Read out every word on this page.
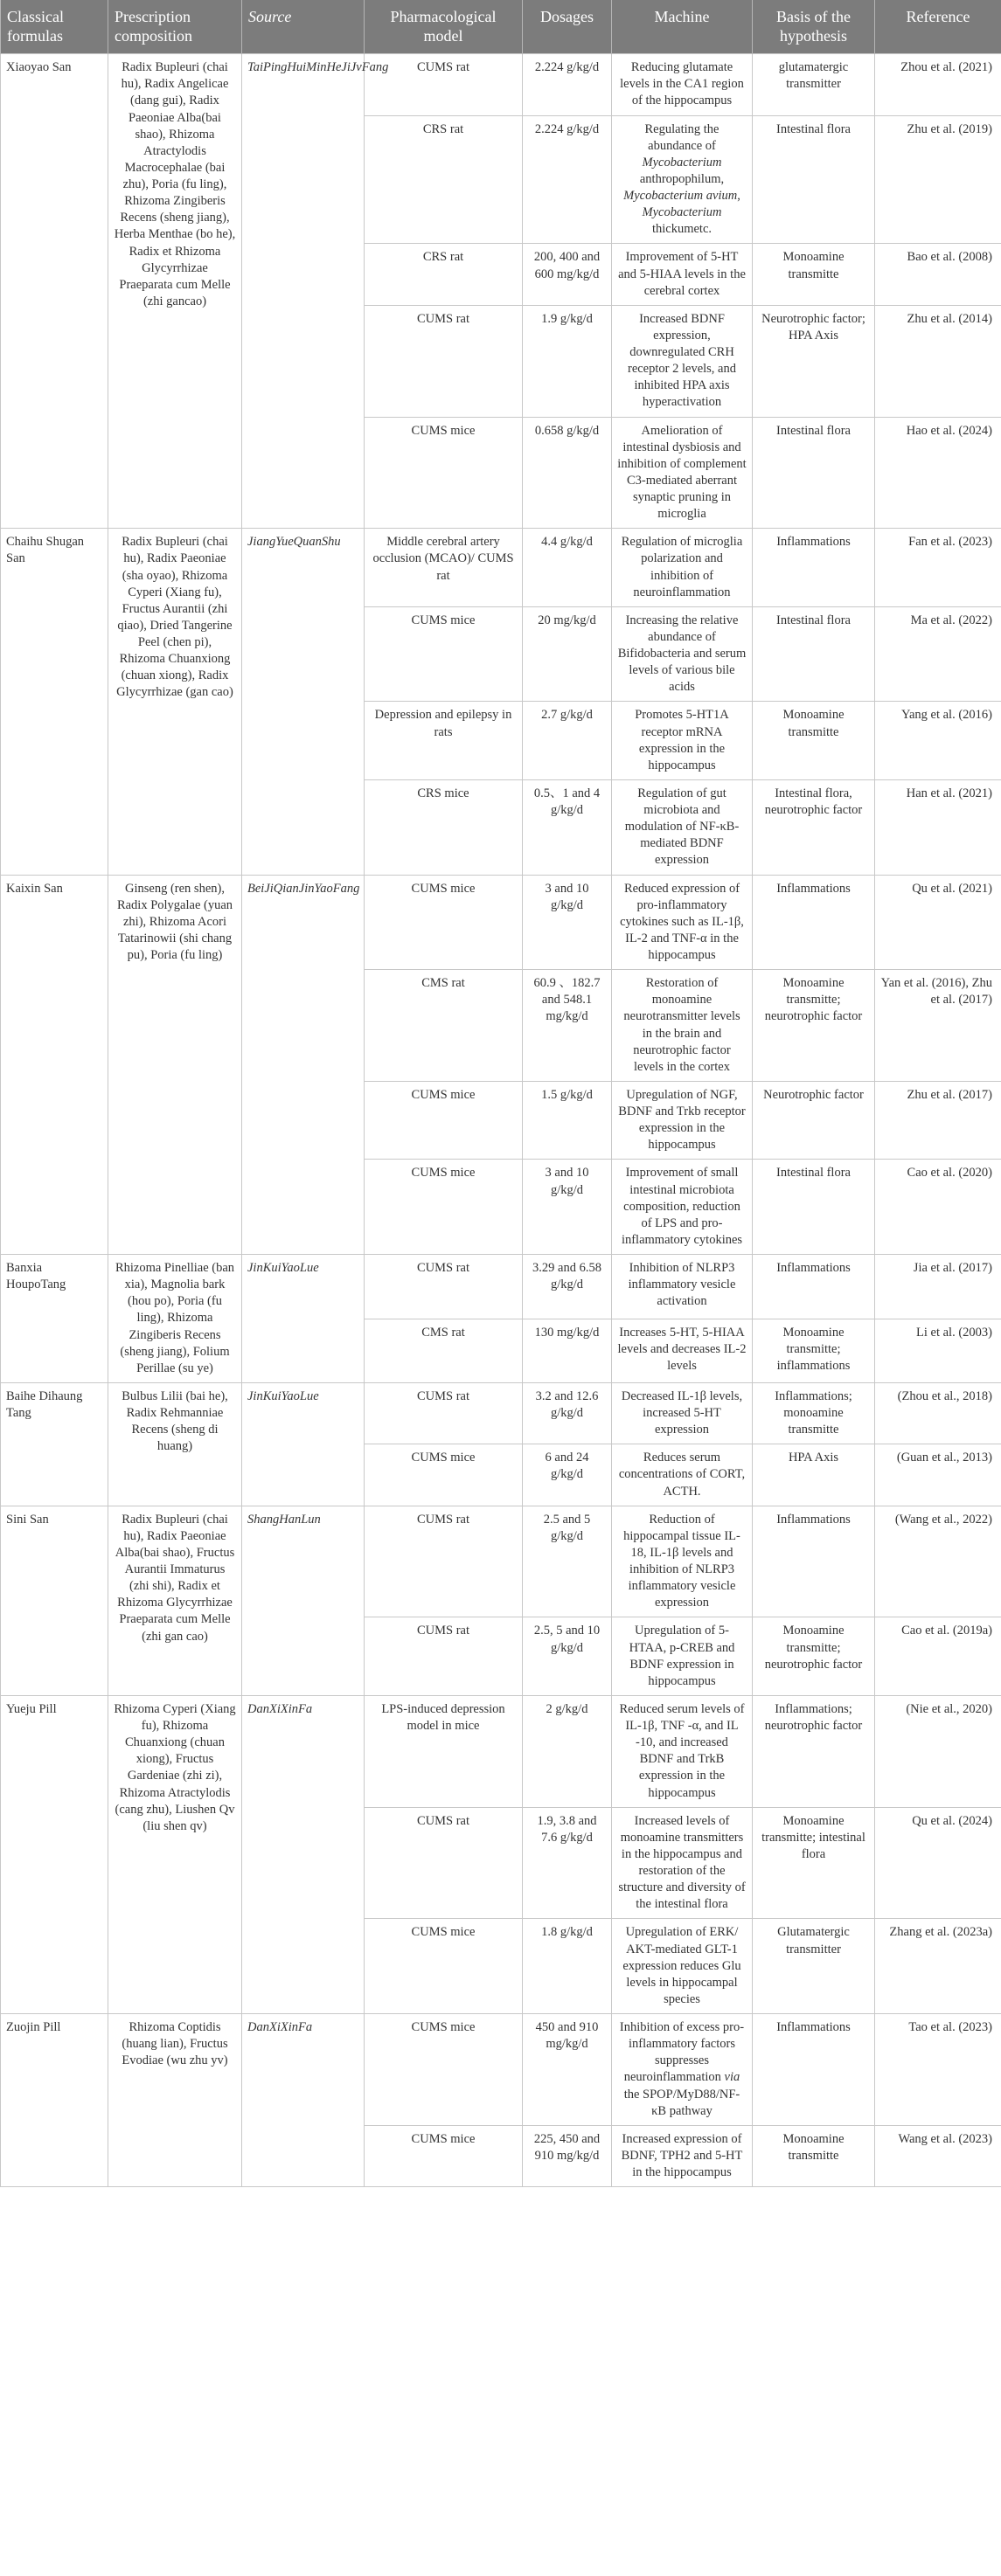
Classical formulas	Prescription composition	Source	Pharmacological model	Dosages	Machine	Basis of the hypothesis	Reference
Xiaoyao San	Radix Bupleuri (chai hu), Radix Angelicae (dang gui), Radix Paeoniae Alba(bai shao), Rhizoma Atractylodis Macrocephalae (bai zhu), Poria (fu ling), Rhizoma Zingiberis Recens (sheng jiang), Herba Menthae (bo he), Radix et Rhizoma Glycyrrhizae Praeparata cum Melle (zhi gancao)	TaiPingHuiMinHeJiJvFang	CUMS rat	2.224 g/kg/d	Reducing glutamate levels in the CA1 region of the hippocampus	glutamatergic transmitter	Zhou et al. (2021)
			CRS rat	2.224 g/kg/d	Regulating the abundance of Mycobacterium anthropophilum, Mycobacterium avium, Mycobacterium thickumetc.	Intestinal flora	Zhu et al. (2019)
			CRS rat	200, 400 and 600 mg/kg/d	Improvement of 5-HT and 5-HIAA levels in the cerebral cortex	Monoamine transmitte	Bao et al. (2008)
			CUMS rat	1.9 g/kg/d	Increased BDNF expression, downregulated CRH receptor 2 levels, and inhibited HPA axis hyperactivation	Neurotrophic factor; HPA Axis	Zhu et al. (2014)
			CUMS mice	0.658 g/kg/d	Amelioration of intestinal dysbiosis and inhibition of complement C3-mediated aberrant synaptic pruning in microglia	Intestinal flora	Hao et al. (2024)
Chaihu Shugan San	Radix Bupleuri (chai hu), Radix Paeoniae (sha oyao), Rhizoma Cyperi (Xiang fu), Fructus Aurantii (zhi qiao), Dried Tangerine Peel (chen pi), Rhizoma Chuanxiong (chuan xiong), Radix Glycyrrhizae (gan cao)	JiangYueQuanShu	Middle cerebral artery occlusion (MCAO)/ CUMS rat	4.4 g/kg/d	Regulation of microglia polarization and inhibition of neuroinflammation	Inflammations	Fan et al. (2023)
			CUMS mice	20 mg/kg/d	Increasing the relative abundance of Bifidobacteria and serum levels of various bile acids	Intestinal flora	Ma et al. (2022)
			Depression and epilepsy in rats	2.7 g/kg/d	Promotes 5-HT1A receptor mRNA expression in the hippocampus	Monoamine transmitte	Yang et al. (2016)
			CRS mice	0.5、1 and 4 g/kg/d	Regulation of gut microbiota and modulation of NF-κB-mediated BDNF expression	Intestinal flora, neurotrophic factor	Han et al. (2021)
Kaixin San	Ginseng (ren shen), Radix Polygalae (yuan zhi), Rhizoma Acori Tatarinowii (shi chang pu), Poria (fu ling)	BeiJiQianJinYaoFang	CUMS mice	3 and 10 g/kg/d	Reduced expression of pro-inflammatory cytokines such as IL-1β, IL-2 and TNF-α in the hippocampus	Inflammations	Qu et al. (2021)
			CMS rat	60.9 、182.7 and 548.1 mg/kg/d	Restoration of monoamine neurotransmitter levels in the brain and neurotrophic factor levels in the cortex	Monoamine transmitte; neurotrophic factor	Yan et al. (2016), Zhu et al. (2017)
			CUMS mice	1.5 g/kg/d	Upregulation of NGF, BDNF and Trkb receptor expression in the hippocampus	Neurotrophic factor	Zhu et al. (2017)
			CUMS mice	3 and 10 g/kg/d	Improvement of small intestinal microbiota composition, reduction of LPS and pro-inflammatory cytokines	Intestinal flora	Cao et al. (2020)
Banxia HoupoTang	Rhizoma Pinelliae (ban xia), Magnolia bark (hou po), Poria (fu ling), Rhizoma Zingiberis Recens (sheng jiang), Folium Perillae (su ye)	JinKuiYaoLue	CUMS rat	3.29 and 6.58 g/kg/d	Inhibition of NLRP3 inflammatory vesicle activation	Inflammations	Jia et al. (2017)
			CMS rat	130 mg/kg/d	Increases 5-HT, 5-HIAA levels and decreases IL-2 levels	Monoamine transmitte; inflammations	Li et al. (2003)
Baihe Dihaung Tang	Bulbus Lilii (bai he), Radix Rehmanniae Recens (sheng di huang)	JinKuiYaoLue	CUMS rat	3.2 and 12.6 g/kg/d	Decreased IL-1β levels, increased 5-HT expression	Inflammations; monoamine transmitte	(Zhou et al., 2018)
			CUMS mice	6 and 24 g/kg/d	Reduces serum concentrations of CORT, ACTH.	HPA Axis	(Guan et al., 2013)
Sini San	Radix Bupleuri (chai hu), Radix Paeoniae Alba(bai shao), Fructus Aurantii Immaturus (zhi shi), Radix et Rhizoma Glycyrrhizae Praeparata cum Melle (zhi gan cao)	ShangHanLun	CUMS rat	2.5 and 5 g/kg/d	Reduction of hippocampal tissue IL-18, IL-1β levels and inhibition of NLRP3 inflammatory vesicle expression	Inflammations	(Wang et al., 2022)
			CUMS rat	2.5, 5 and 10 g/kg/d	Upregulation of 5-HTAA, p-CREB and BDNF expression in hippocampus	Monoamine transmitte; neurotrophic factor	Cao et al. (2019a)
Yueju Pill	Rhizoma Cyperi (Xiang fu), Rhizoma Chuanxiong (chuan xiong), Fructus Gardeniae (zhi zi), Rhizoma Atractylodis (cang zhu), Liushen Qv (liu shen qv)	DanXiXinFa	LPS-induced depression model in mice	2 g/kg/d	Reduced serum levels of IL-1β, TNF -α, and IL -10, and increased BDNF and TrkB expression in the hippocampus	Inflammations; neurotrophic factor	(Nie et al., 2020)
			CUMS rat	1.9, 3.8 and 7.6 g/kg/d	Increased levels of monoamine transmitters in the hippocampus and restoration of the structure and diversity of the intestinal flora	Monoamine transmitte; intestinal flora	Qu et al. (2024)
			CUMS mice	1.8 g/kg/d	Upregulation of ERK/ AKT-mediated GLT-1 expression reduces Glu levels in hippocampal species	Glutamatergic transmitter	Zhang et al. (2023a)
Zuojin Pill	Rhizoma Coptidis (huang lian), Fructus Evodiae (wu zhu yv)	DanXiXinFa	CUMS mice	450 and 910 mg/kg/d	Inhibition of excess pro-inflammatory factors suppresses neuroinflammation via the SPOP/MyD88/NF-κB pathway	Inflammations	Tao et al. (2023)
			CUMS mice	225, 450 and 910 mg/kg/d	Increased expression of BDNF, TPH2 and 5-HT in the hippocampus	Monoamine transmitte	Wang et al. (2023)
